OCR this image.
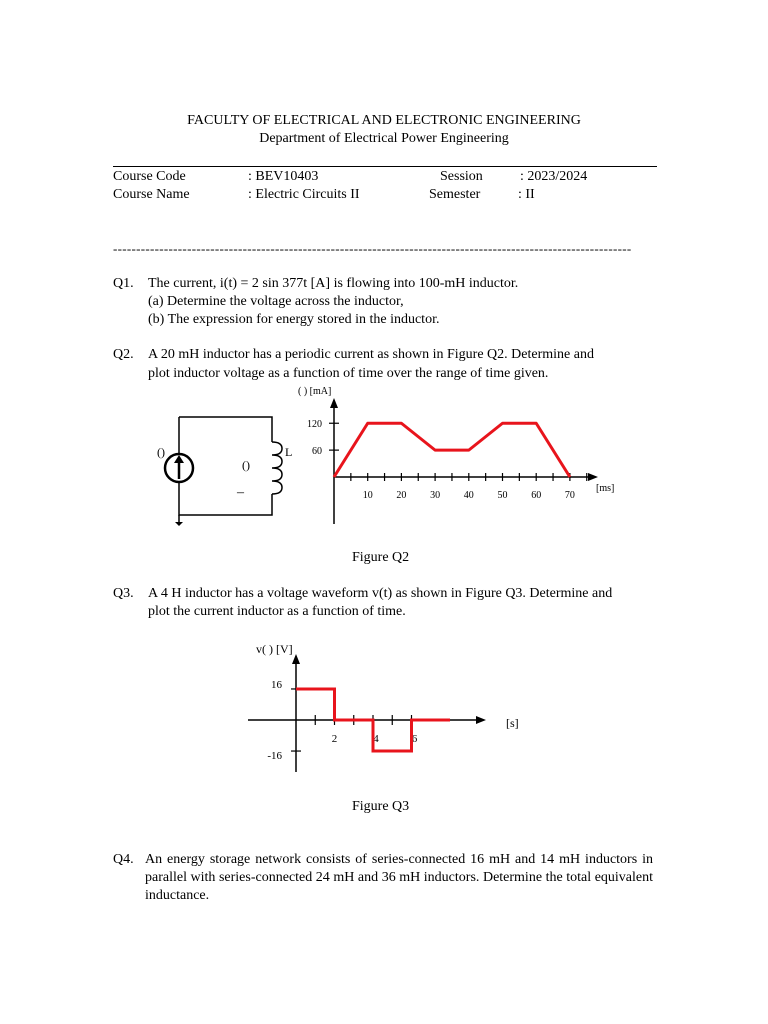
FACULTY OF ELECTRICAL AND ELECTRONIC ENGINEERING
Department of Electrical Power Engineering
Course Code	: BEV10403	Session	: 2023/2024
Course Name	: Electric Circuits II	Semester	: II
----------------------------------------------------------------------------------------------------------------
Q1. The current, i(t) = 2 sin 377t [A] is flowing into 100-mH inductor.
(a) Determine the voltage across the inductor,
(b) The expression for energy stored in the inductor.
Q2. A 20 mH inductor has a periodic current as shown in Figure Q2. Determine and
plot inductor voltage as a function of time over the range of time given.
()
()
–
L
10 20 30 40 50 60 70
60
120
( ) [mA]
[ms]
Figure Q2
Q3. A 4 H inductor has a voltage waveform v(t) as shown in Figure Q3. Determine and
plot the current inductor as a function of time.
2	4	6
16
-16
v( ) [V]
[s]
Figure Q3
Q4. An energy storage network consists of series-connected 16 mH and 14 mH inductors in parallel with series-connected 24 mH and 36 mH inductors. Determine the total equivalent inductance.
